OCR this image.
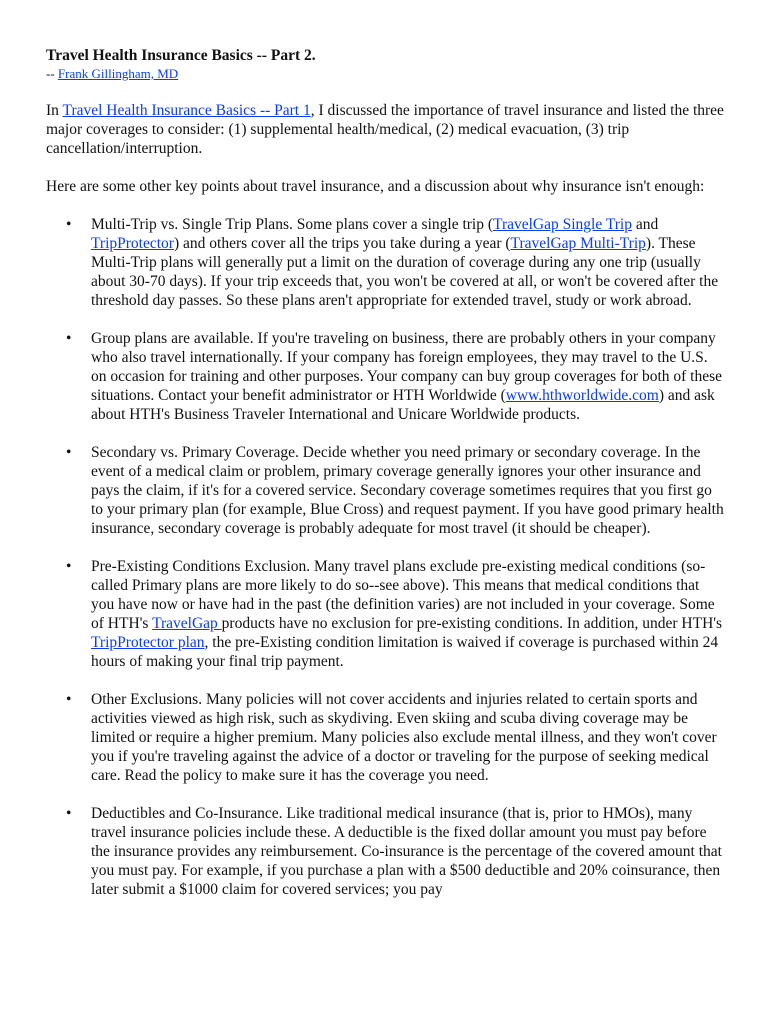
Travel Health Insurance Basics -- Part 2.

-- Frank Gillingham, MD

In Travel Health Insurance Basics -- Part 1, I discussed the importance of travel insurance and listed the three major coverages to consider: (1) supplemental health/medical, (2) medical evacuation, (3) trip cancellation/interruption.

Here are some other key points about travel insurance, and a discussion about why insurance isn't enough:

• Multi-Trip vs. Single Trip Plans. Some plans cover a single trip (TravelGap Single Trip and TripProtector) and others cover all the trips you take during a year (TravelGap Multi-Trip). These Multi-Trip plans will generally put a limit on the duration of coverage during any one trip (usually about 30-70 days). If your trip exceeds that, you won't be covered at all, or won't be covered after the threshold day passes. So these plans aren't appropriate for extended travel, study or work abroad.
• Group plans are available. If you're traveling on business, there are probably others in your company who also travel internationally. If your company has foreign employees, they may travel to the U.S. on occasion for training and other purposes. Your company can buy group coverages for both of these situations. Contact your benefit administrator or HTH Worldwide (www.hthworldwide.com) and ask about HTH's Business Traveler International and Unicare Worldwide products.
• Secondary vs. Primary Coverage. Decide whether you need primary or secondary coverage. In the event of a medical claim or problem, primary coverage generally ignores your other insurance and pays the claim, if it's for a covered service. Secondary coverage sometimes requires that you first go to your primary plan (for example, Blue Cross) and request payment. If you have good primary health insurance, secondary coverage is probably adequate for most travel (it should be cheaper).
• Pre-Existing Conditions Exclusion. Many travel plans exclude pre-existing medical conditions (so-called Primary plans are more likely to do so--see above). This means that medical conditions that you have now or have had in the past (the definition varies) are not included in your coverage. Some of HTH's TravelGap products have no exclusion for pre-existing conditions. In addition, under HTH's TripProtector plan, the pre-Existing condition limitation is waived if coverage is purchased within 24 hours of making your final trip payment.
• Other Exclusions. Many policies will not cover accidents and injuries related to certain sports and activities viewed as high risk, such as skydiving. Even skiing and scuba diving coverage may be limited or require a higher premium. Many policies also exclude mental illness, and they won't cover you if you're traveling against the advice of a doctor or traveling for the purpose of seeking medical care. Read the policy to make sure it has the coverage you need.
• Deductibles and Co-Insurance. Like traditional medical insurance (that is, prior to HMOs), many travel insurance policies include these. A deductible is the fixed dollar amount you must pay before the insurance provides any reimbursement. Co-insurance is the percentage of the covered amount that you must pay. For example, if you purchase a plan with a $500 deductible and 20% coinsurance, then later submit a $1000 claim for covered services; you pay
